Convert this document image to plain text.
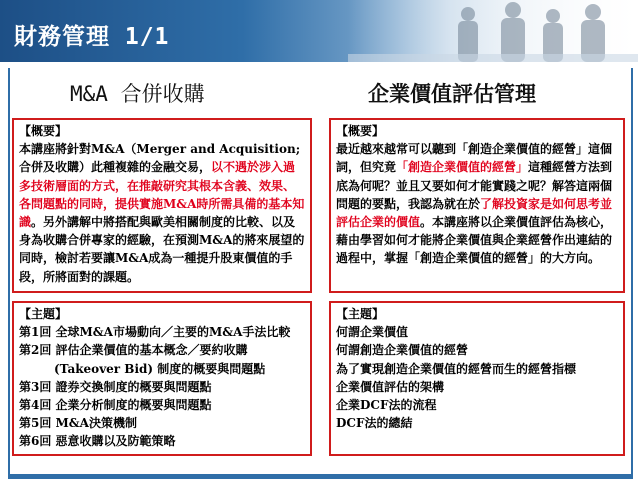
財務管理 1/1
M&A 合併收購	企業價值評估管理
【概要】
本講座將針對M&A（Merger and Acquisition;合併及收購）此種複雜的金融交易，以不遇於涉入過多技術層面的方式，在推敲研究其根本含義、效果、各問題點的同時，提供實施M&A時所需具備的基本知識。另外講解中將搭配與歐美相關制度的比較、以及身為收購合併專家的經驗，在預測M&A的將來展望的同時，檢討若要讓M&A成為一種提升股東價值的手段，所將面對的課題。
【概要】
最近越來越常可以聽到「創造企業價值的經營」這個詞，但究竟「創造企業價值的經營」這種經營方法到底為何呢？並且又要如何才能實踐之呢？解答這兩個問題的要點，我認為就在於了解投資家是如何思考並評估企業的價值。本講座將以企業價值評估為核心，藉由學習如何才能將企業價值與企業經營作出連結的過程中，掌握「創造企業價值的經營」的大方向。
【主題】
第1回 全球M&A市場動向／主要的M&A手法比較
第2回 評估企業價值的基本概念／要約收購
(Takeover Bid) 制度的概要與問題點
第3回 證券交換制度的概要與問題點
第4回 企業分析制度的概要與問題點
第5回 M&A決策機制
第6回 惡意收購以及防範策略
【主題】
何謂企業價值
何謂創造企業價值的經營
為了實現創造企業價值的經營而生的經營指標
企業價值評估的架構
企業DCF法的流程
DCF法的總結
